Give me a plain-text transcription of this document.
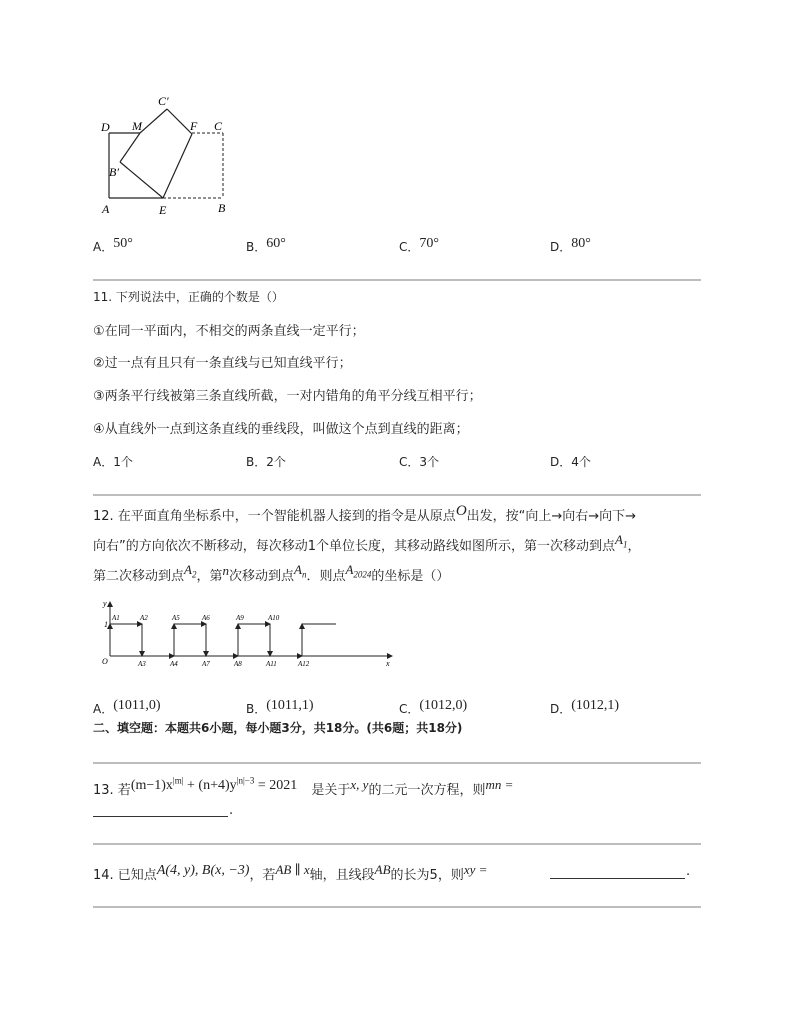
D M
C′
F C
B′
A	E	B
A．50°	B．60°	C．70°	D．80°
11. 下列说法中，正确的个数是（）
①在同一平面内，不相交的两条直线一定平行；
②过一点有且只有一条直线与已知直线平行；
③两条平行线被第三条直线所截，一对内错角的角平分线互相平行；
④从直线外一点到这条直线的垂线段，叫做这个点到直线的距离；
A．1个	B．2个	C．3个	D．4个
12. 在平面直角坐标系中，一个智能机器人接到的指令是从原点O出发，按“向上→向右→向下→
向右”的方向依次不断移动，每次移动1个单位长度，其移动路线如图所示，第一次移动到点$A_1$，
第二次移动到点$A_2$，第n次移动到点$A_n$．则点$A_{2024}$的坐标是（）
y
x
O
1
A1	A2
A3	A4
A5	A6
A7	A8
A9	A10
A11	A12
A．(1011,0)	B．(1011,1)	C．(1012,0)	D．(1012,1)
二、填空题：本题共6小题，每小题3分，共18分。(共6题；共18分)
13. 若$(m-1)x^{|m|} + (n+4)y^{|n|-3} = 2021$ 是关于x, y的二元一次方程，则mn =
.
14. 已知点A(4, y), B(x, −3)，若AB ∥ x轴，且线段AB的长为5，则xy =	.
